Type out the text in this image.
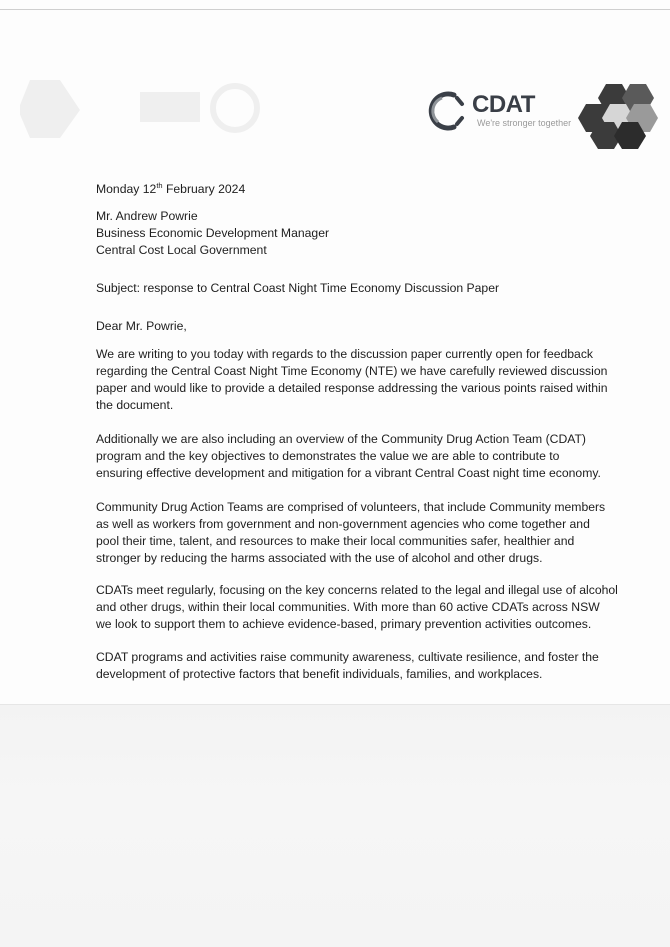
CDAT
We're stronger together
Monday 12th February 2024
Mr. Andrew Powrie
Business Economic Development Manager
Central Cost Local Government
Subject: response to Central Coast Night Time Economy Discussion Paper
Dear Mr. Powrie,
We are writing to you today with regards to the discussion paper currently open for feedback
regarding the Central Coast Night Time Economy (NTE) we have carefully reviewed discussion
paper and would like to provide a detailed response addressing the various points raised within
the document.
Additionally we are also including an overview of the Community Drug Action Team (CDAT)
program and the key objectives to demonstrates the value we are able to contribute to
ensuring effective development and mitigation for a vibrant Central Coast night time economy.
Community Drug Action Teams are comprised of volunteers, that include Community members
as well as workers from government and non-government agencies who come together and
pool their time, talent, and resources to make their local communities safer, healthier and
stronger by reducing the harms associated with the use of alcohol and other drugs.
CDATs meet regularly, focusing on the key concerns related to the legal and illegal use of alcohol
and other drugs, within their local communities. With more than 60 active CDATs across NSW
we look to support them to achieve evidence-based, primary prevention activities outcomes.
CDAT programs and activities raise community awareness, cultivate resilience, and foster the
development of protective factors that benefit individuals, families, and workplaces.
